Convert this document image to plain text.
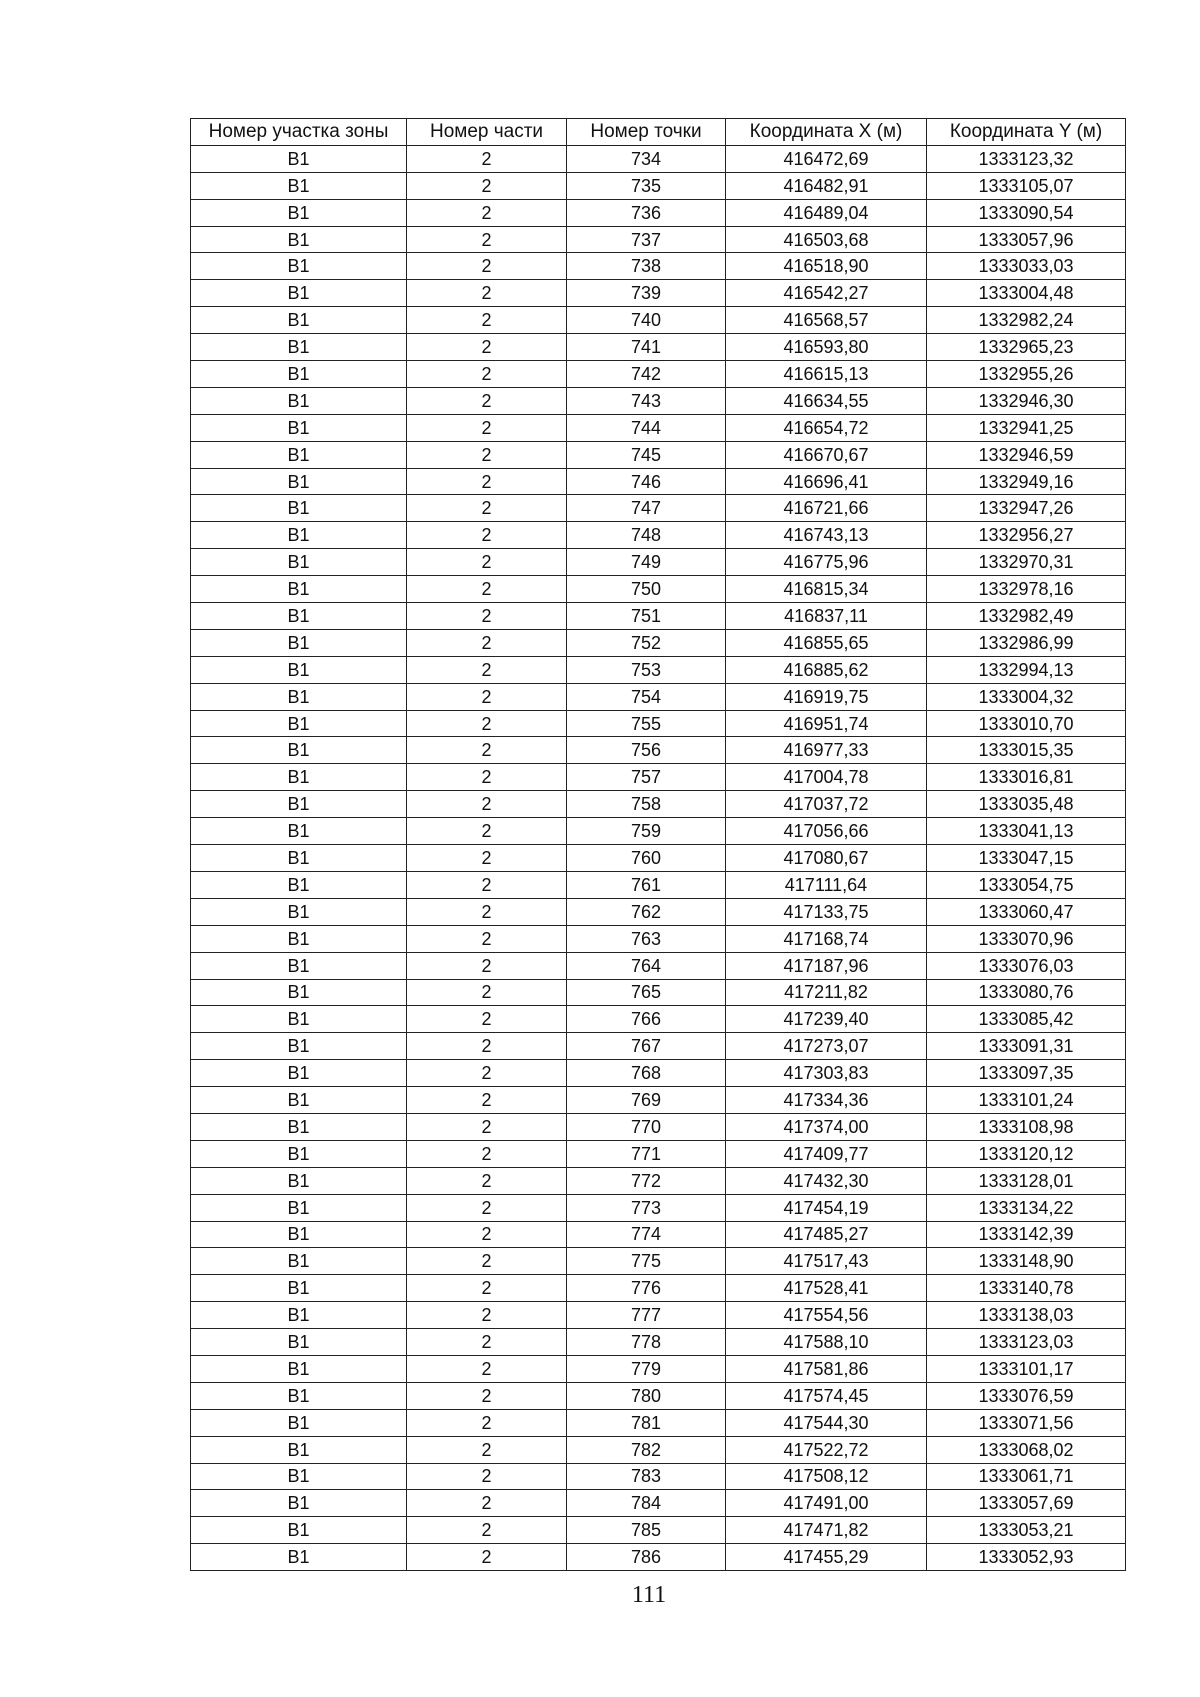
Номер участка зоны	Номер части	Номер точки	Координата X (м)	Координата Y (м)
В1	2	734	416472,69	1333123,32
В1	2	735	416482,91	1333105,07
В1	2	736	416489,04	1333090,54
В1	2	737	416503,68	1333057,96
В1	2	738	416518,90	1333033,03
В1	2	739	416542,27	1333004,48
В1	2	740	416568,57	1332982,24
В1	2	741	416593,80	1332965,23
В1	2	742	416615,13	1332955,26
В1	2	743	416634,55	1332946,30
В1	2	744	416654,72	1332941,25
В1	2	745	416670,67	1332946,59
В1	2	746	416696,41	1332949,16
В1	2	747	416721,66	1332947,26
В1	2	748	416743,13	1332956,27
В1	2	749	416775,96	1332970,31
В1	2	750	416815,34	1332978,16
В1	2	751	416837,11	1332982,49
В1	2	752	416855,65	1332986,99
В1	2	753	416885,62	1332994,13
В1	2	754	416919,75	1333004,32
В1	2	755	416951,74	1333010,70
В1	2	756	416977,33	1333015,35
В1	2	757	417004,78	1333016,81
В1	2	758	417037,72	1333035,48
В1	2	759	417056,66	1333041,13
В1	2	760	417080,67	1333047,15
В1	2	761	417111,64	1333054,75
В1	2	762	417133,75	1333060,47
В1	2	763	417168,74	1333070,96
В1	2	764	417187,96	1333076,03
В1	2	765	417211,82	1333080,76
В1	2	766	417239,40	1333085,42
В1	2	767	417273,07	1333091,31
В1	2	768	417303,83	1333097,35
В1	2	769	417334,36	1333101,24
В1	2	770	417374,00	1333108,98
В1	2	771	417409,77	1333120,12
В1	2	772	417432,30	1333128,01
В1	2	773	417454,19	1333134,22
В1	2	774	417485,27	1333142,39
В1	2	775	417517,43	1333148,90
В1	2	776	417528,41	1333140,78
В1	2	777	417554,56	1333138,03
В1	2	778	417588,10	1333123,03
В1	2	779	417581,86	1333101,17
В1	2	780	417574,45	1333076,59
В1	2	781	417544,30	1333071,56
В1	2	782	417522,72	1333068,02
В1	2	783	417508,12	1333061,71
В1	2	784	417491,00	1333057,69
В1	2	785	417471,82	1333053,21
В1	2	786	417455,29	1333052,93
111
